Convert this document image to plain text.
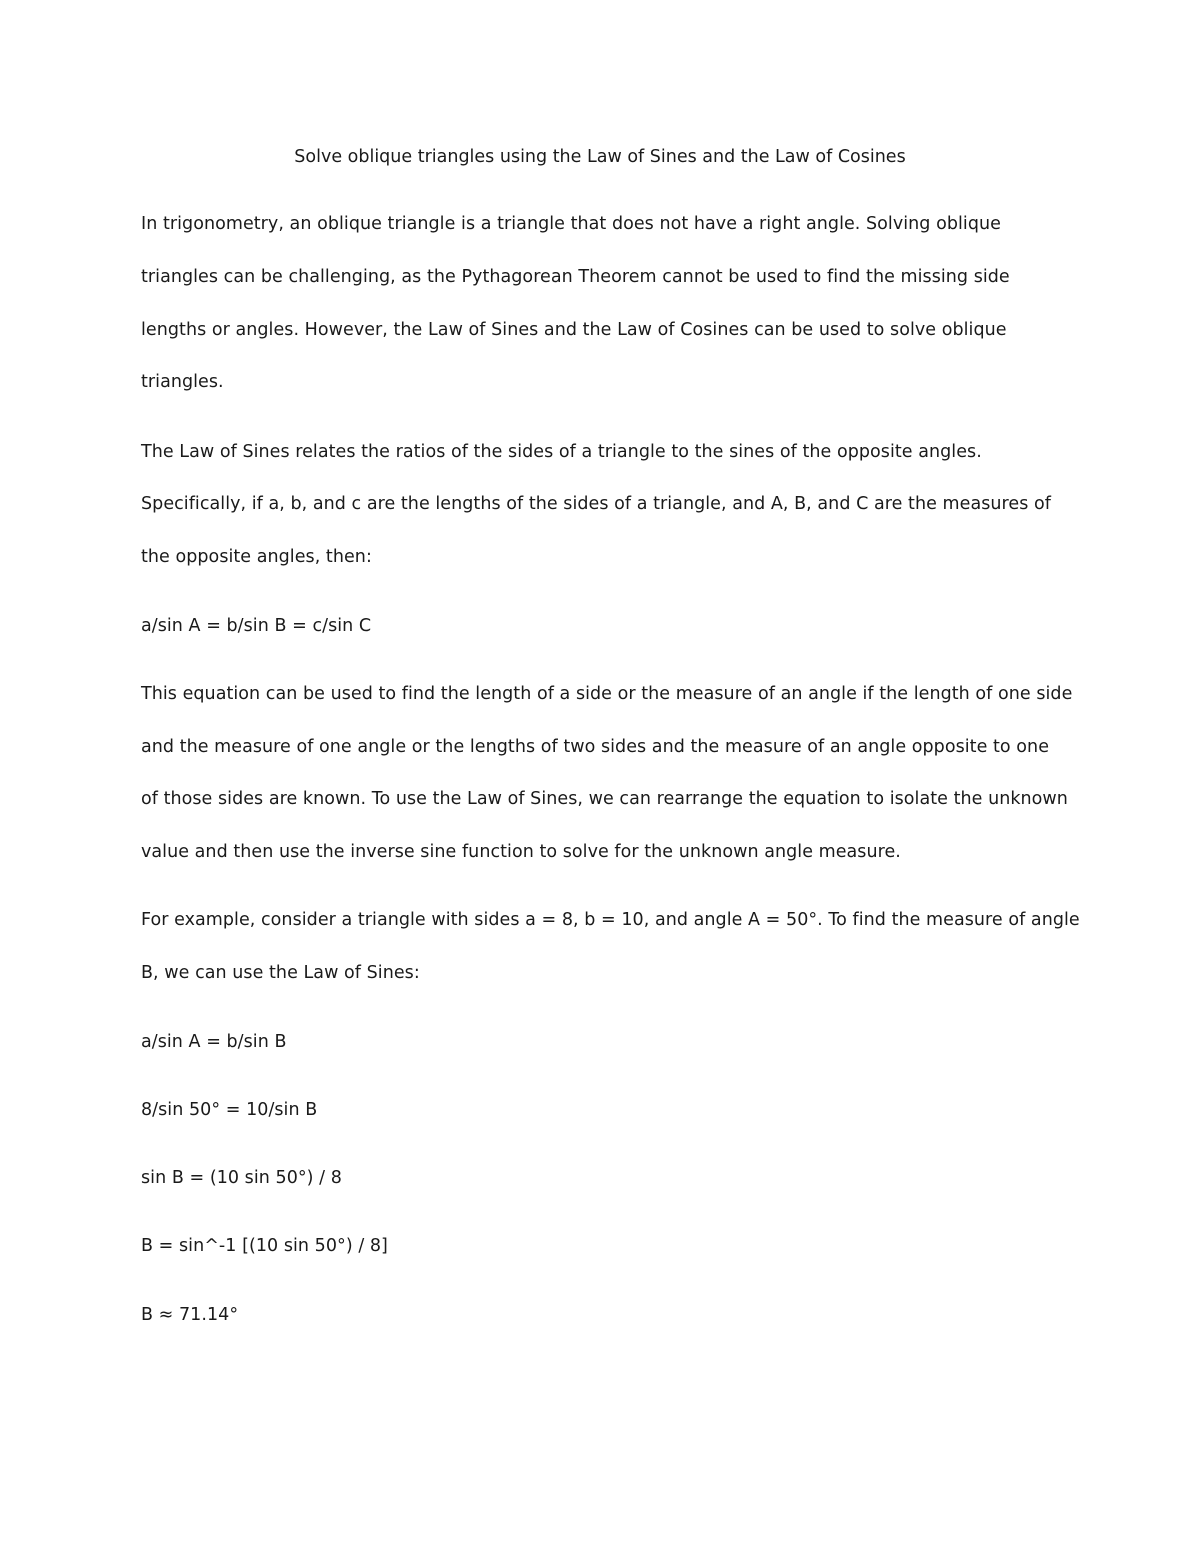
Solve oblique triangles using the Law of Sines and the Law of Cosines
In trigonometry, an oblique triangle is a triangle that does not have a right angle. Solving oblique
triangles can be challenging, as the Pythagorean Theorem cannot be used to find the missing side
lengths or angles. However, the Law of Sines and the Law of Cosines can be used to solve oblique
triangles.
The Law of Sines relates the ratios of the sides of a triangle to the sines of the opposite angles.
Specifically, if a, b, and c are the lengths of the sides of a triangle, and A, B, and C are the measures of
the opposite angles, then:
a/sin A = b/sin B = c/sin C
This equation can be used to find the length of a side or the measure of an angle if the length of one side
and the measure of one angle or the lengths of two sides and the measure of an angle opposite to one
of those sides are known. To use the Law of Sines, we can rearrange the equation to isolate the unknown
value and then use the inverse sine function to solve for the unknown angle measure.
For example, consider a triangle with sides a = 8, b = 10, and angle A = 50°. To find the measure of angle
B, we can use the Law of Sines:
a/sin A = b/sin B
8/sin 50° = 10/sin B
sin B = (10 sin 50°) / 8
B = sin^-1 [(10 sin 50°) / 8]
B ≈ 71.14°
